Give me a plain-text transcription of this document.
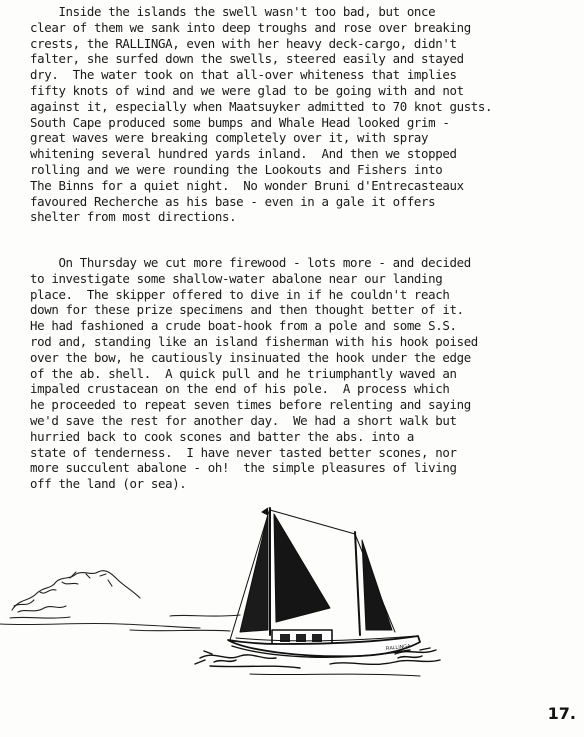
Inside the islands the swell wasn't too bad, but once
clear of them we sank into deep troughs and rose over breaking
crests, the RALLINGA, even with her heavy deck-cargo, didn't
falter, she surfed down the swells, steered easily and stayed
dry.  The water took on that all-over whiteness that implies
fifty knots of wind and we were glad to be going with and not
against it, especially when Maatsuyker admitted to 70 knot gusts.
South Cape produced some bumps and Whale Head looked grim -
great waves were breaking completely over it, with spray
whitening several hundred yards inland.  And then we stopped
rolling and we were rounding the Lookouts and Fishers into
The Binns for a quiet night.  No wonder Bruni d'Entrecasteaux
favoured Recherche as his base - even in a gale it offers
shelter from most directions.

On Thursday we cut more firewood - lots more - and decided
to investigate some shallow-water abalone near our landing
place.  The skipper offered to dive in if he couldn't reach
down for these prize specimens and then thought better of it.
He had fashioned a crude boat-hook from a pole and some S.S.
rod and, standing like an island fisherman with his hook poised
over the bow, he cautiously insinuated the hook under the edge
of the ab. shell.  A quick pull and he triumphantly waved an
impaled crustacean on the end of his pole.  A process which
he proceeded to repeat seven times before relenting and saying
we'd save the rest for another day.  We had a short walk but
hurried back to cook scones and batter the abs. into a
state of tenderness.  I have never tasted better scones, nor
more succulent abalone - oh!  the simple pleasures of living
off the land (or sea).

RALLINGA
17.
